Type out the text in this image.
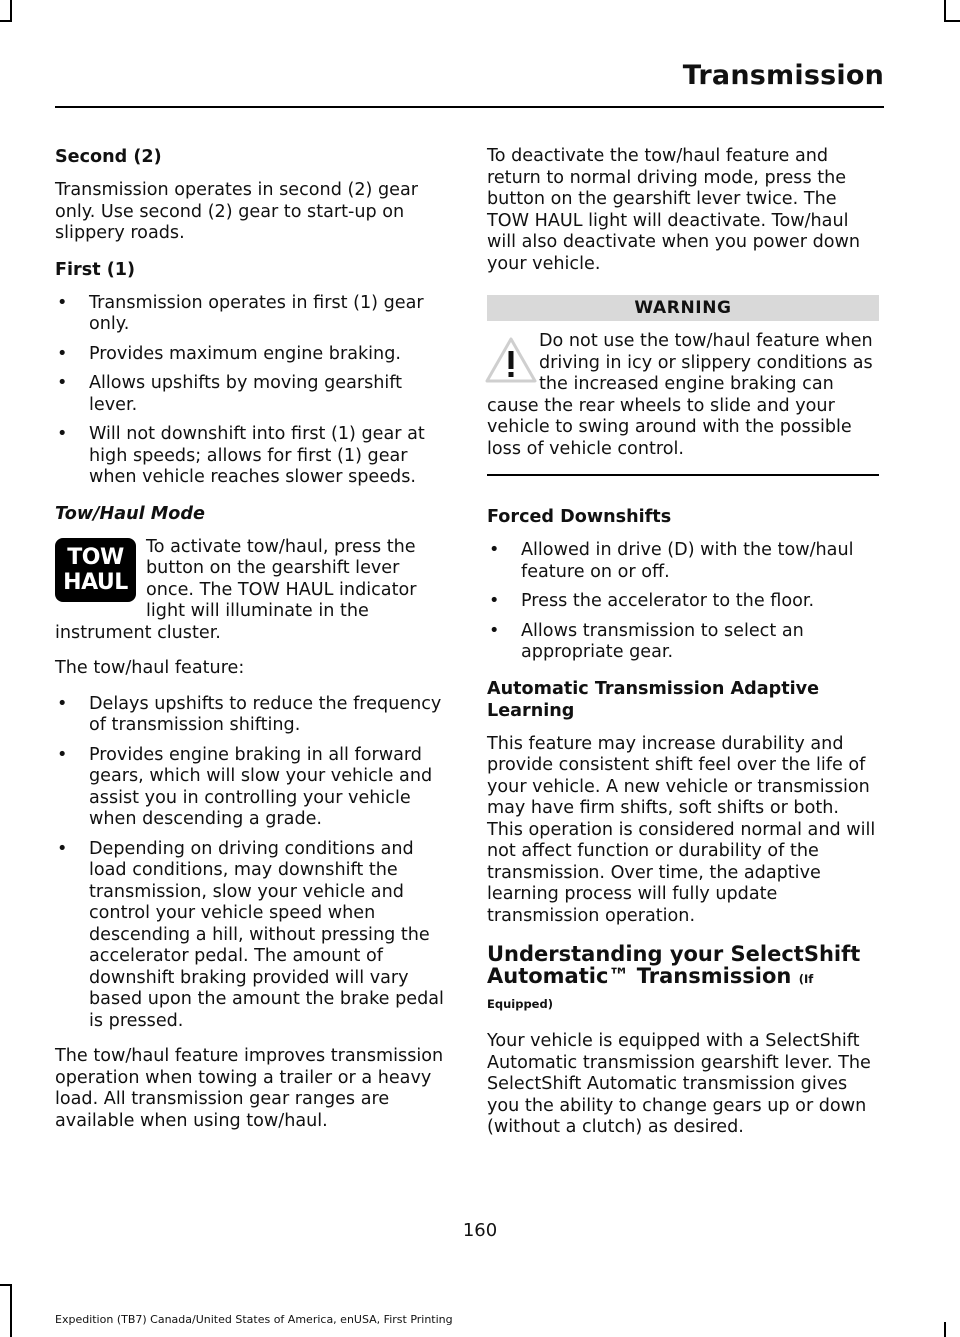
Transmission
Second (2)

Transmission operates in second (2) gear only. Use second (2) gear to start-up on slippery roads.

First (1)
• Transmission operates in first (1) gear only.
• Provides maximum engine braking.
• Allows upshifts by moving gearshift lever.
• Will not downshift into first (1) gear at high speeds; allows for first (1) gear when vehicle reaches slower speeds.
Tow/Haul Mode

TOW
HAUL
To activate tow/haul, press the button on the gearshift lever once. The TOW HAUL indicator light will illuminate in the instrument cluster.

The tow/haul feature:

• Delays upshifts to reduce the frequency of transmission shifting.
• Provides engine braking in all forward gears, which will slow your vehicle and assist you in controlling your vehicle when descending a grade.
• Depending on driving conditions and load conditions, may downshift the transmission, slow your vehicle and control your vehicle speed when descending a hill, without pressing the accelerator pedal. The amount of downshift braking provided will vary based upon the amount the brake pedal is pressed.

The tow/haul feature improves transmission operation when towing a trailer or a heavy load. All transmission gear ranges are available when using tow/haul.

To deactivate the tow/haul feature and return to normal driving mode, press the button on the gearshift lever twice. The TOW HAUL light will deactivate. Tow/haul will also deactivate when you power down your vehicle.

WARNING
Do not use the tow/haul feature when driving in icy or slippery conditions as the increased engine braking can cause the rear wheels to slide and your vehicle to swing around with the possible loss of vehicle control.
Forced Downshifts
• Allowed in drive (D) with the tow/haul feature on or off.
• Press the accelerator to the floor.
• Allows transmission to select an appropriate gear.
Automatic Transmission Adaptive Learning

This feature may increase durability and provide consistent shift feel over the life of your vehicle. A new vehicle or transmission may have firm shifts, soft shifts or both. This operation is considered normal and will not affect function or durability of the transmission. Over time, the adaptive learning process will fully update transmission operation.

Understanding your SelectShift Automatic™ Transmission (If Equipped)

Your vehicle is equipped with a SelectShift Automatic transmission gearshift lever. The SelectShift Automatic transmission gives you the ability to change gears up or down (without a clutch) as desired.

160
Expedition (TB7) Canada/United States of America, enUSA, First Printing
